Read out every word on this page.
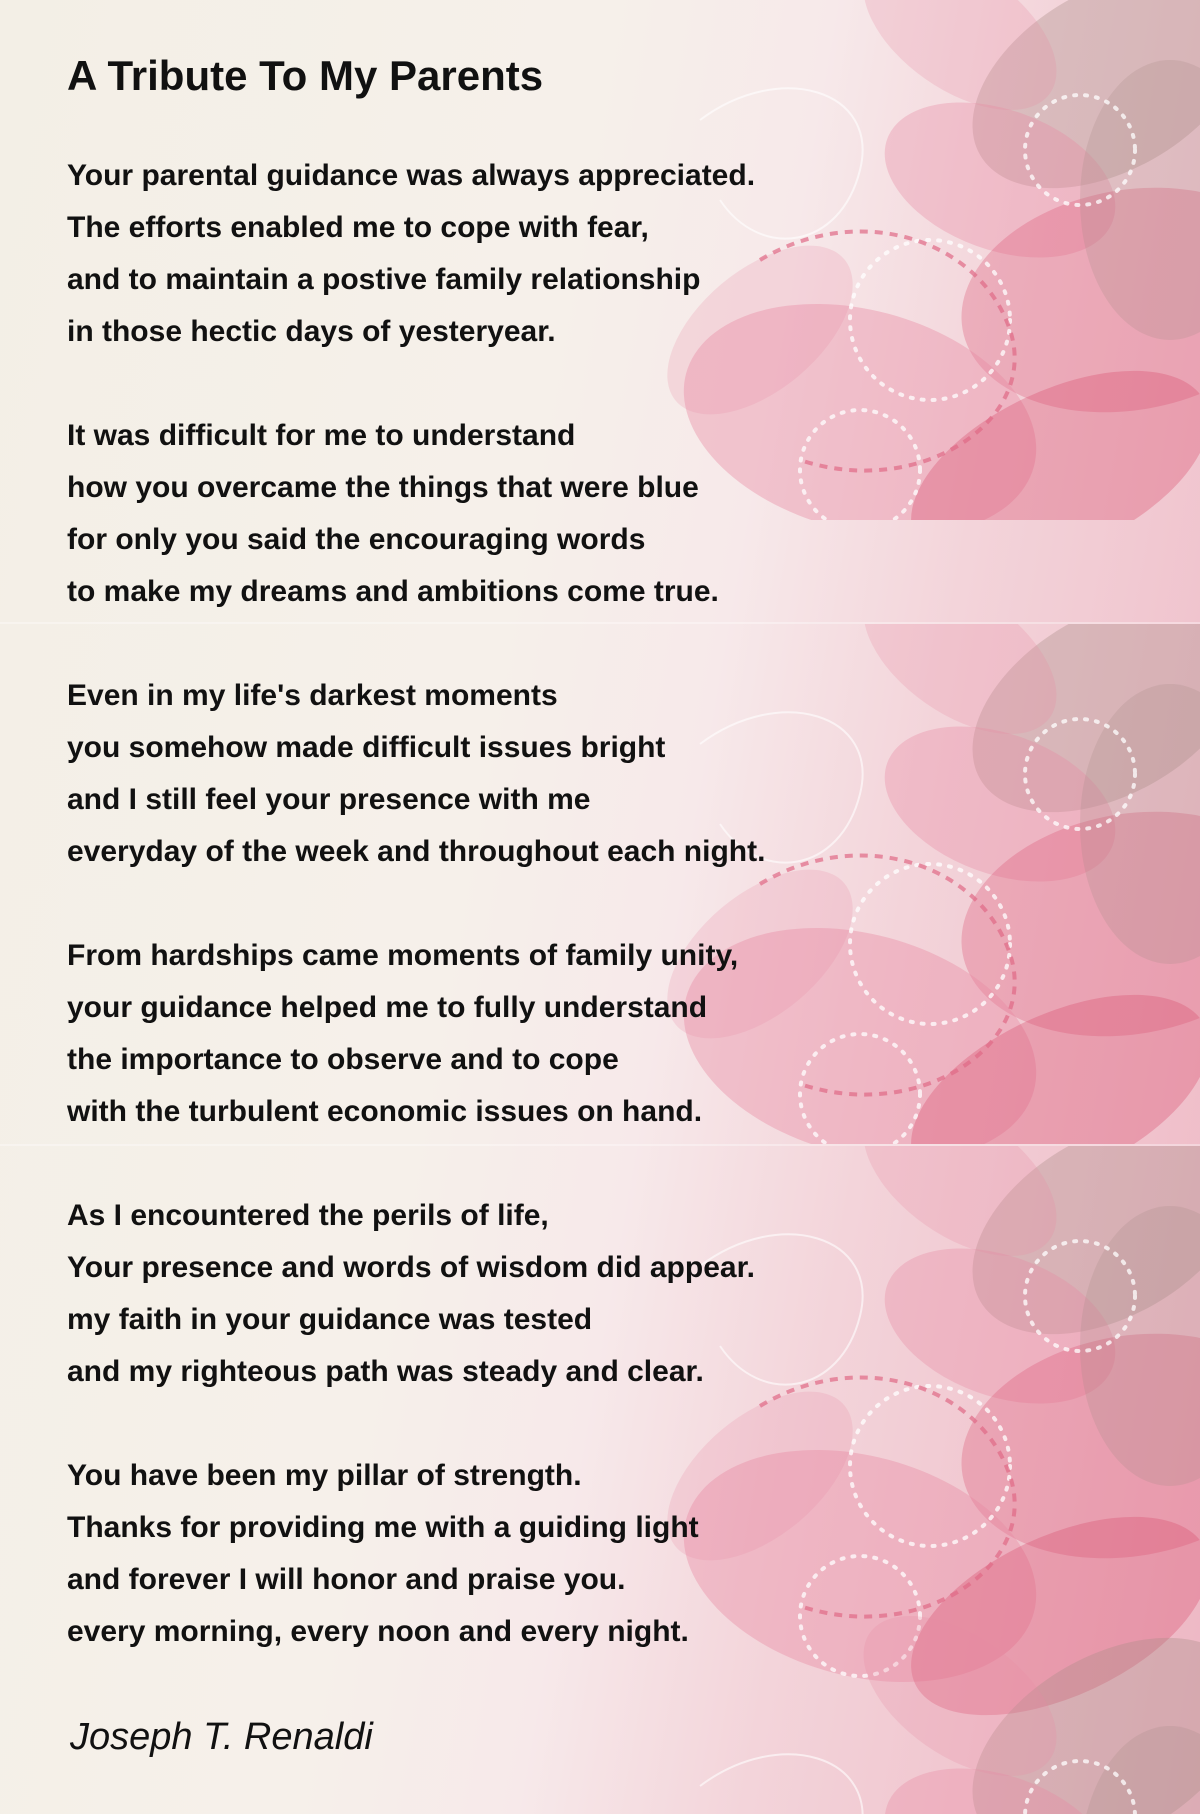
A Tribute To My Parents
Your parental guidance was always appreciated.
The efforts enabled me to cope with fear,
and to maintain a postive family relationship
in those hectic days of yesteryear.
It was difficult for me to understand
how you overcame the things that were blue
for only you said the encouraging words
to make my dreams and ambitions come true.
Even in my life's darkest moments
you somehow made difficult issues bright
and I still feel your presence with me
everyday of the week and throughout each night.
From hardships came moments of family unity,
your guidance helped me to fully understand
the importance to observe and to cope
with the turbulent economic issues on hand.
As I encountered the perils of life,
Your presence and words of wisdom did appear.
my faith in your guidance was tested
and my righteous path was steady and clear.
You have been my pillar of strength.
Thanks for providing me with a guiding light
and forever I will honor and praise you.
every morning, every noon and every night.

Joseph T. Renaldi
